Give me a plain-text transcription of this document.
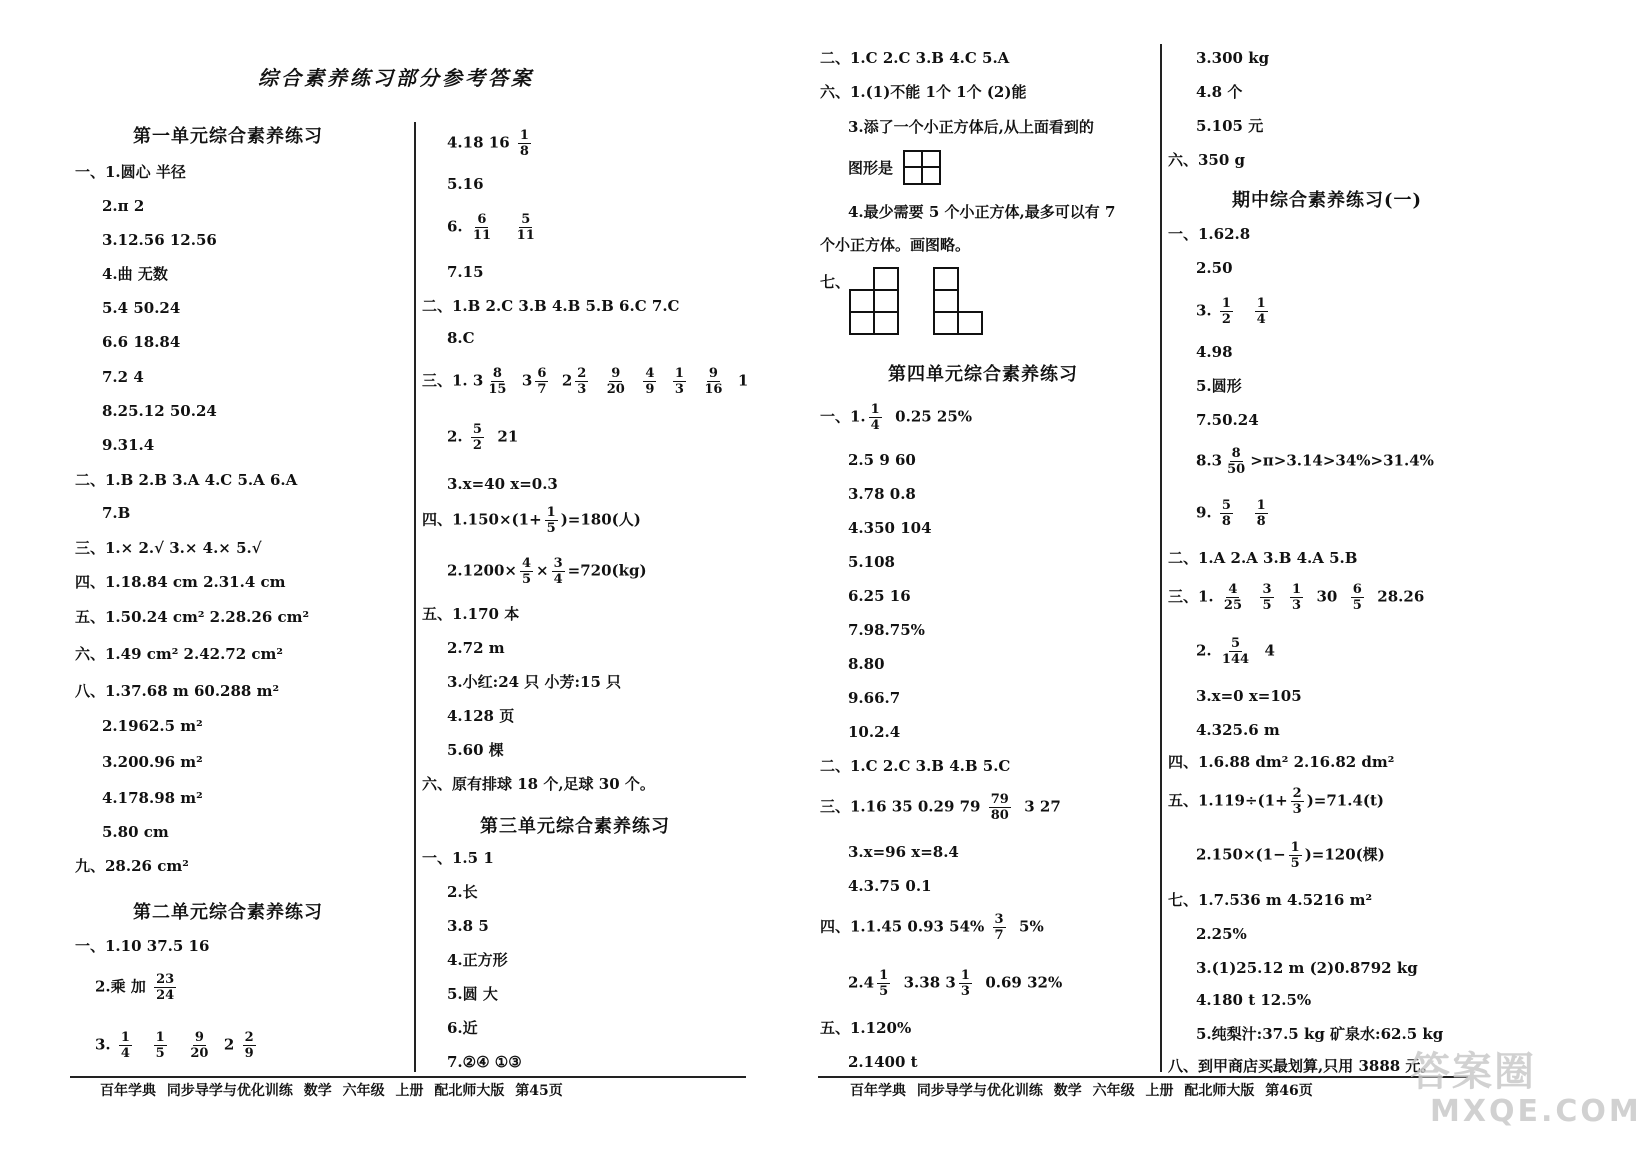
综合素养练习部分参考答案
第一单元综合素养练习
一、1.圆心 半径
2.π 2
3.12.56 12.56
4.曲 无数
5.4 50.24
6.6 18.84
7.2 4
8.25.12 50.24
9.31.4
二、1.B 2.B 3.A 4.C 5.A 6.A
7.B
三、1.× 2.√ 3.× 4.× 5.√
四、1.18.84 cm 2.31.4 cm
五、1.50.24 cm² 2.28.26 cm²
六、1.49 cm² 2.42.72 cm²
八、1.37.68 m 60.288 m²
2.1962.5 m²
3.200.96 m²
4.178.98 m²
5.80 cm
九、28.26 cm²
第二单元综合素养练习
一、1.10 37.5 16
2.乘 加 $\frac{23}{24}$
3. $\frac{1}{4}$
$\frac{1}{5}$
$\frac{9}{20} 2 \frac{2}{9}$
4.18 $16 \frac{1}{8}$
5.16
6. $\frac{6}{11}$
$\frac{5}{11}$
7.15
二、1.B 2.C 3.B 4.B 5.B 6.C 7.C
8.C
三、1. $3 \frac{8}{15} 3 \frac{6}{7} 2 \frac{2}{3}$
$\frac{9}{20}$
$\frac{4}{9}$
$\frac{1}{3}$
$\frac{9}{16} 1$
2. $\frac{5}{2} 21$
3.x=40 x=0.3
四、$1.150\times(1+ \frac{1}{5} )=180$(人)
$2.1200\times \frac{4}{5} \times \frac{3}{4} =720(kg)$
五、1.170 本
2.72 m
3.小红:24 只 小芳:15 只
4.128 页
5.60 棵
六、原有排球 18 个,足球 30 个。
第三单元综合素养练习
一、1.5 1
2.长
3.8 5
4.正方形
5.圆 大
6.近
7.②④ ①③
百年学典 同步导学与优化训练 数学 六年级 上册 配北师大版 第45页
二、1.C 2.C 3.B 4.C 5.A
六、1.(1)不能 1个 1个 (2)能
3.添了一个小正方体后,从上面看到的
图形是
4.最少需要 5 个小正方体,最多可以有 7
个小正方体。画图略。
七、
第四单元综合素养练习
一、1. $\frac{1}{4} 0.25$ 25%
2.5 9 60
3.78 0.8
4.350 104
5.108
6.25 16
7.98.75%
8.80
9.66.7
10.2.4
二、1.C 2.C 3.B 4.B 5.C
三、1.16 35 0.29 $79 \frac{79}{80} 3$ 27
3.x=96 x=8.4
4.3.75 0.1
四、1.1.45 0.93 $54\% \frac{3}{7} 5\%$
$2.4 \frac{1}{5} 3.38$ $3 \frac{1}{3} 0.69$ 32%
五、1.120%
2.1400 t
3.300 kg
4.8 个
5.105 元
六、350 g
期中综合素养练习(一)
一、1.62.8
2.50
3. $\frac{1}{2}$
$\frac{1}{4}$
4.98
5.圆形
7.50.24
$8.3 \frac{8}{50} >\pi>3.14>34\%>31.4\%$
9. $\frac{5}{8}$
$\frac{1}{8}$
二、1.A 2.A 3.B 4.A 5.B
三、1. $\frac{4}{25}$
$\frac{3}{5}$
$\frac{1}{3} 30 \frac{6}{5} 28.26$
2. $\frac{5}{144} 4$
3.x=0 x=105
4.325.6 m
四、1.6.88 dm² 2.16.82 dm²
五、$1.119\div(1+ \frac{2}{3} )=71.4(t)$
$2.150\times(1- \frac{1}{5} )=120$(棵)
七、1.7.536 m 4.5216 m²
2.25%
3.(1)25.12 m (2)0.8792 kg
4.180 t 12.5%
5.纯梨汁:37.5 kg 矿泉水:62.5 kg
八、到甲商店买最划算,只用 3888 元。
百年学典 同步导学与优化训练 数学 六年级 上册 配北师大版 第46页 答案圈
MXQE.COM
